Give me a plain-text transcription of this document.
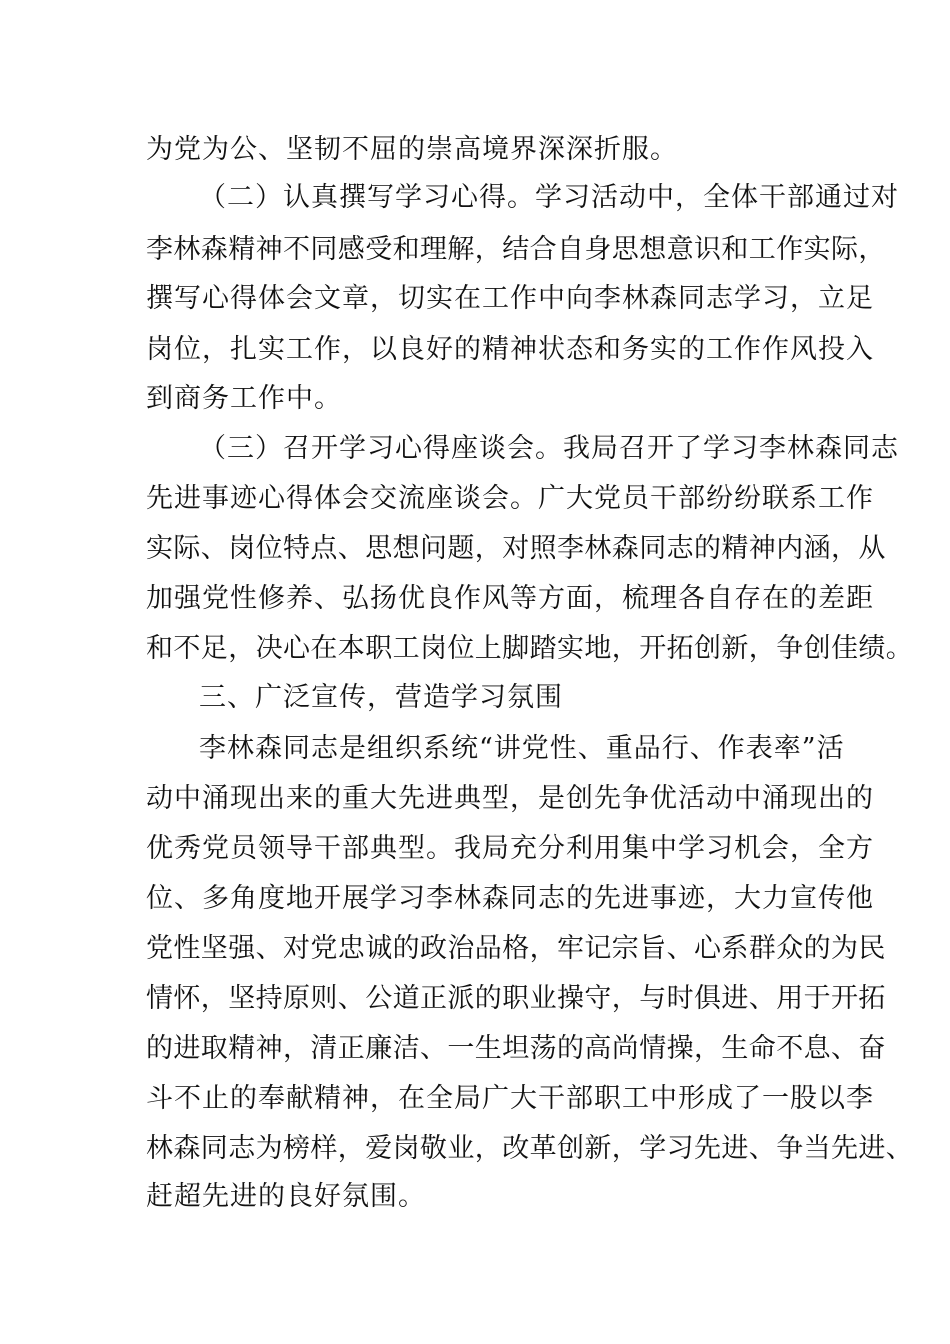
为党为公、坚韧不屈的崇高境界深深折服。
（二）认真撰写学习心得。学习活动中，全体干部通过对
李林森精神不同感受和理解，结合自身思想意识和工作实际，
撰写心得体会文章，切实在工作中向李林森同志学习，立足
岗位，扎实工作，以良好的精神状态和务实的工作作风投入
到商务工作中。
（三）召开学习心得座谈会。我局召开了学习李林森同志
先进事迹心得体会交流座谈会。广大党员干部纷纷联系工作
实际、岗位特点、思想问题，对照李林森同志的精神内涵，从
加强党性修养、弘扬优良作风等方面，梳理各自存在的差距
和不足，决心在本职工岗位上脚踏实地，开拓创新，争创佳绩。
三、广泛宣传，营造学习氛围
李林森同志是组织系统“讲党性、重品行、作表率”活
动中涌现出来的重大先进典型，是创先争优活动中涌现出的
优秀党员领导干部典型。我局充分利用集中学习机会，全方
位、多角度地开展学习李林森同志的先进事迹，大力宣传他
党性坚强、对党忠诚的政治品格，牢记宗旨、心系群众的为民
情怀，坚持原则、公道正派的职业操守，与时俱进、用于开拓
的进取精神，清正廉洁、一生坦荡的高尚情操，生命不息、奋
斗不止的奉献精神，在全局广大干部职工中形成了一股以李
林森同志为榜样，爱岗敬业，改革创新，学习先进、争当先进、
赶超先进的良好氛围。
